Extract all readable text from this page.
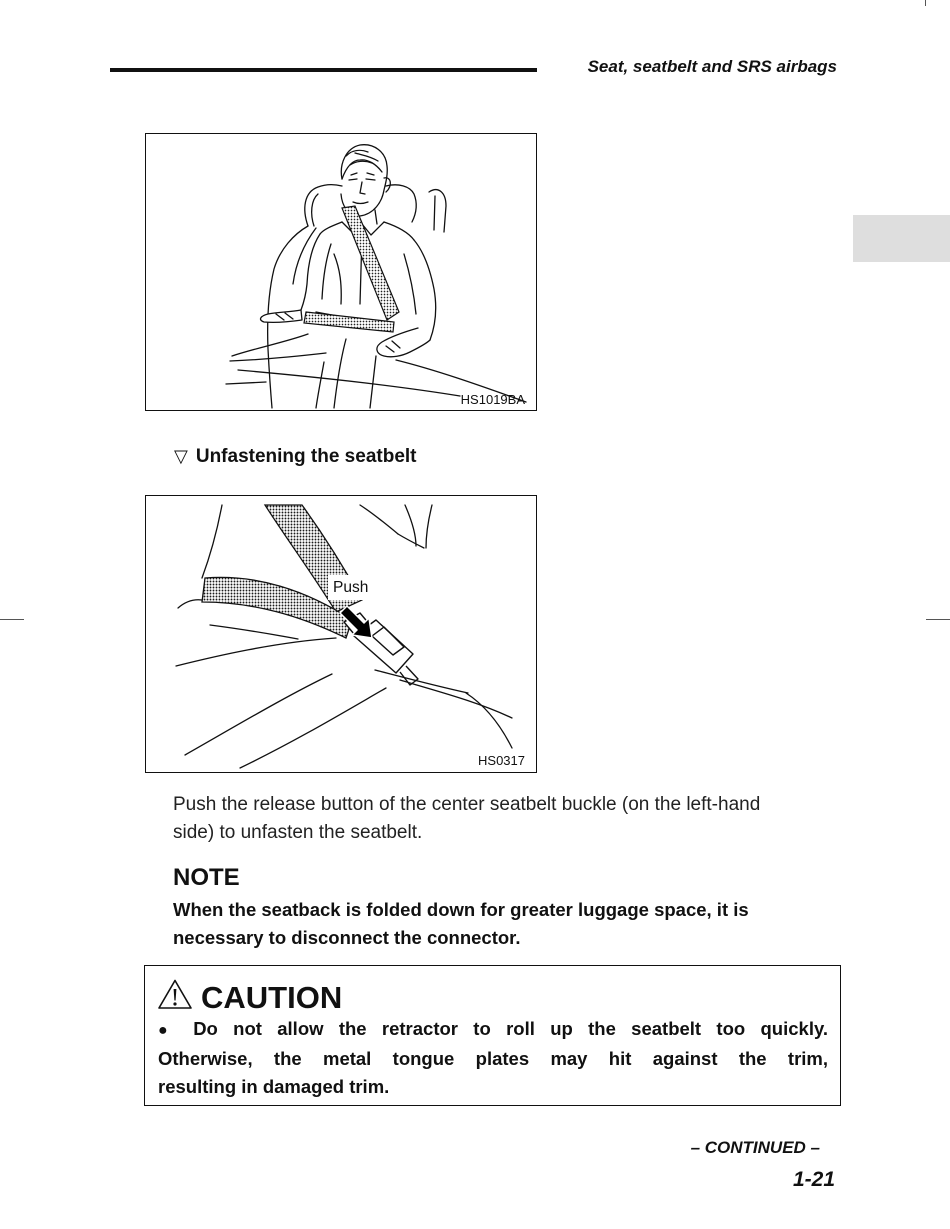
Seat, seatbelt and SRS airbags
HS1019BA
▽ Unfastening the seatbelt
Push
HS0317
Push the release button of the center seatbelt buckle (on the left-hand
side) to unfasten the seatbelt.
NOTE
When the seatback is folded down for greater luggage space, it is
necessary to disconnect the connector.
CAUTION
● Do not allow the retractor to roll up the seatbelt too quickly.
Otherwise, the metal tongue plates may hit against the trim,
resulting in damaged trim.
– CONTINUED –
1-21
